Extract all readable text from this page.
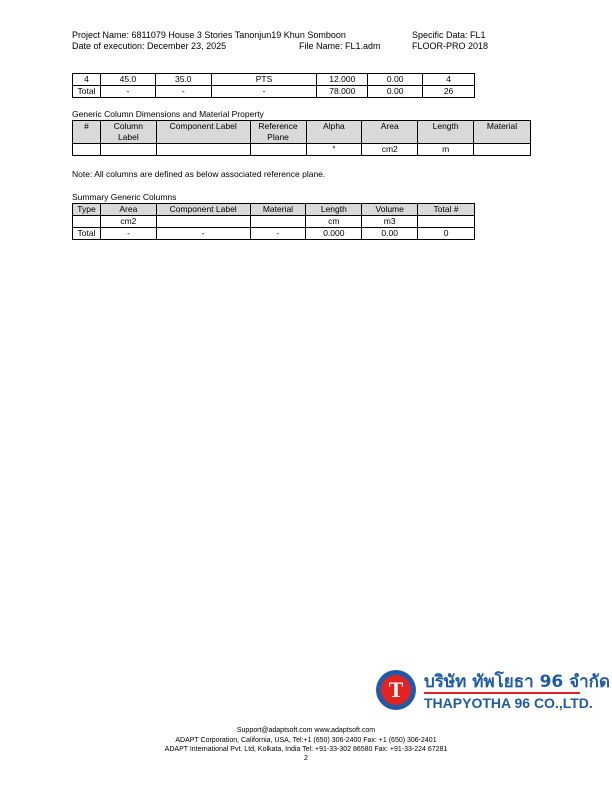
Project Name: 6811079 House 3 Stories Tanonjun19 Khun Somboon
Date of execution: December 23, 2025	File Name: FL1.adm
Specific Data: FL1
FLOOR-PRO 2018
4	45.0	35.0	PTS	12.000	0.00	4
Total	-	-	-	78.000	0.00	26
Generic Column Dimensions and Material Property
#	Column Label	Component Label	Reference Plane	Alpha	Area	Length	Material
				°	cm2	m	
Note: All columns are defined as below associated reference plane.
Summary Generic Columns
Type	Area	Component Label	Material	Length	Volume	Total #
	cm2			cm	m3	
Total	-	-	-	0.000	0.00	0
T	บริษัท ทัพโยธา 96 จำกัด
THAPYOTHA 96 CO.,LTD.
Support@adaptsoft.com www.adaptsoft.com
ADAPT Corporation, California, USA, Tel:+1 (650) 306-2400 Fax: +1 (650) 306-2401
ADAPT International Pvt. Ltd, Kolkata, India Tel: +91-33-302 86580 Fax: +91-33-224 67281
2
